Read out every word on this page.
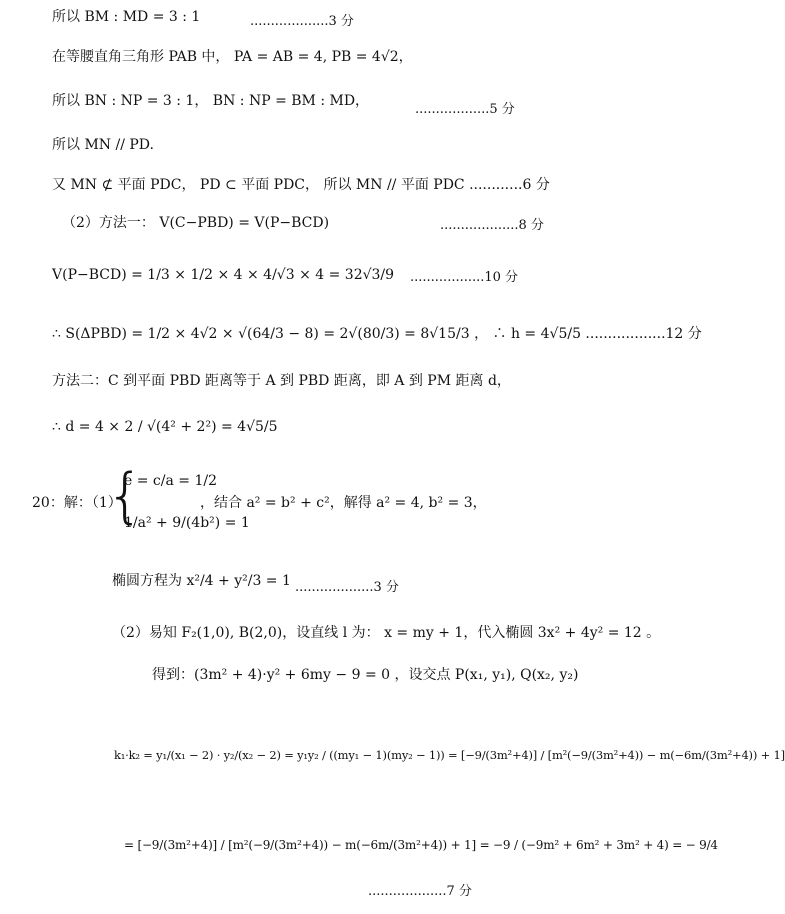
所以 BM : MD = 3 : 1	...................3 分
在等腰直角三角形 PAB 中， PA = AB = 4, PB = 4√2，
所以 BN : NP = 3 : 1， BN : NP = BM : MD，
..................5 分
所以 MN // PD.
又 MN ⊄ 平面 PDC， PD ⊂ 平面 PDC， 所以 MN // 平面 PDC ............6 分
（2）方法一： V(C−PBD) = V(P−BCD)	...................8 分
V(P−BCD) = 1/3 × 1/2 × 4 × 4/√3 × 4 = 32√3/9 ..................10 分
∴ S(ΔPBD) = 1/2 × 4√2 × √(64/3 − 8) = 2√(80/3) = 8√15/3 ， ∴ h = 4√5/5 ..................12 分
方法二：C 到平面 PBD 距离等于 A 到 PBD 距离，即 A 到 PM 距离 d，
∴ d = 4 × 2 / √(4² + 2²) = 4√5/5
20：解：（1）
{
e = c/a = 1/2
1/a² + 9/(4b²) = 1
，结合 a² = b² + c²，解得 a² = 4, b² = 3，
椭圆方程为 x²/4 + y²/3 = 1 ...................3 分
（2）易知 F₂(1,0), B(2,0)，设直线 l 为： x = my + 1，代入椭圆 3x² + 4y² = 12 。
得到：(3m² + 4)·y² + 6my − 9 = 0 ，设交点 P(x₁, y₁), Q(x₂, y₂)
k₁·k₂ = y₁/(x₁ − 2) · y₂/(x₂ − 2) = y₁y₂ / ((my₁ − 1)(my₂ − 1)) = [−9/(3m²+4)] / [m²(−9/(3m²+4)) − m(−6m/(3m²+4)) + 1]
= [−9/(3m²+4)] / [m²(−9/(3m²+4)) − m(−6m/(3m²+4)) + 1] = −9 / (−9m² + 6m² + 3m² + 4) = − 9/4
...................7 分
